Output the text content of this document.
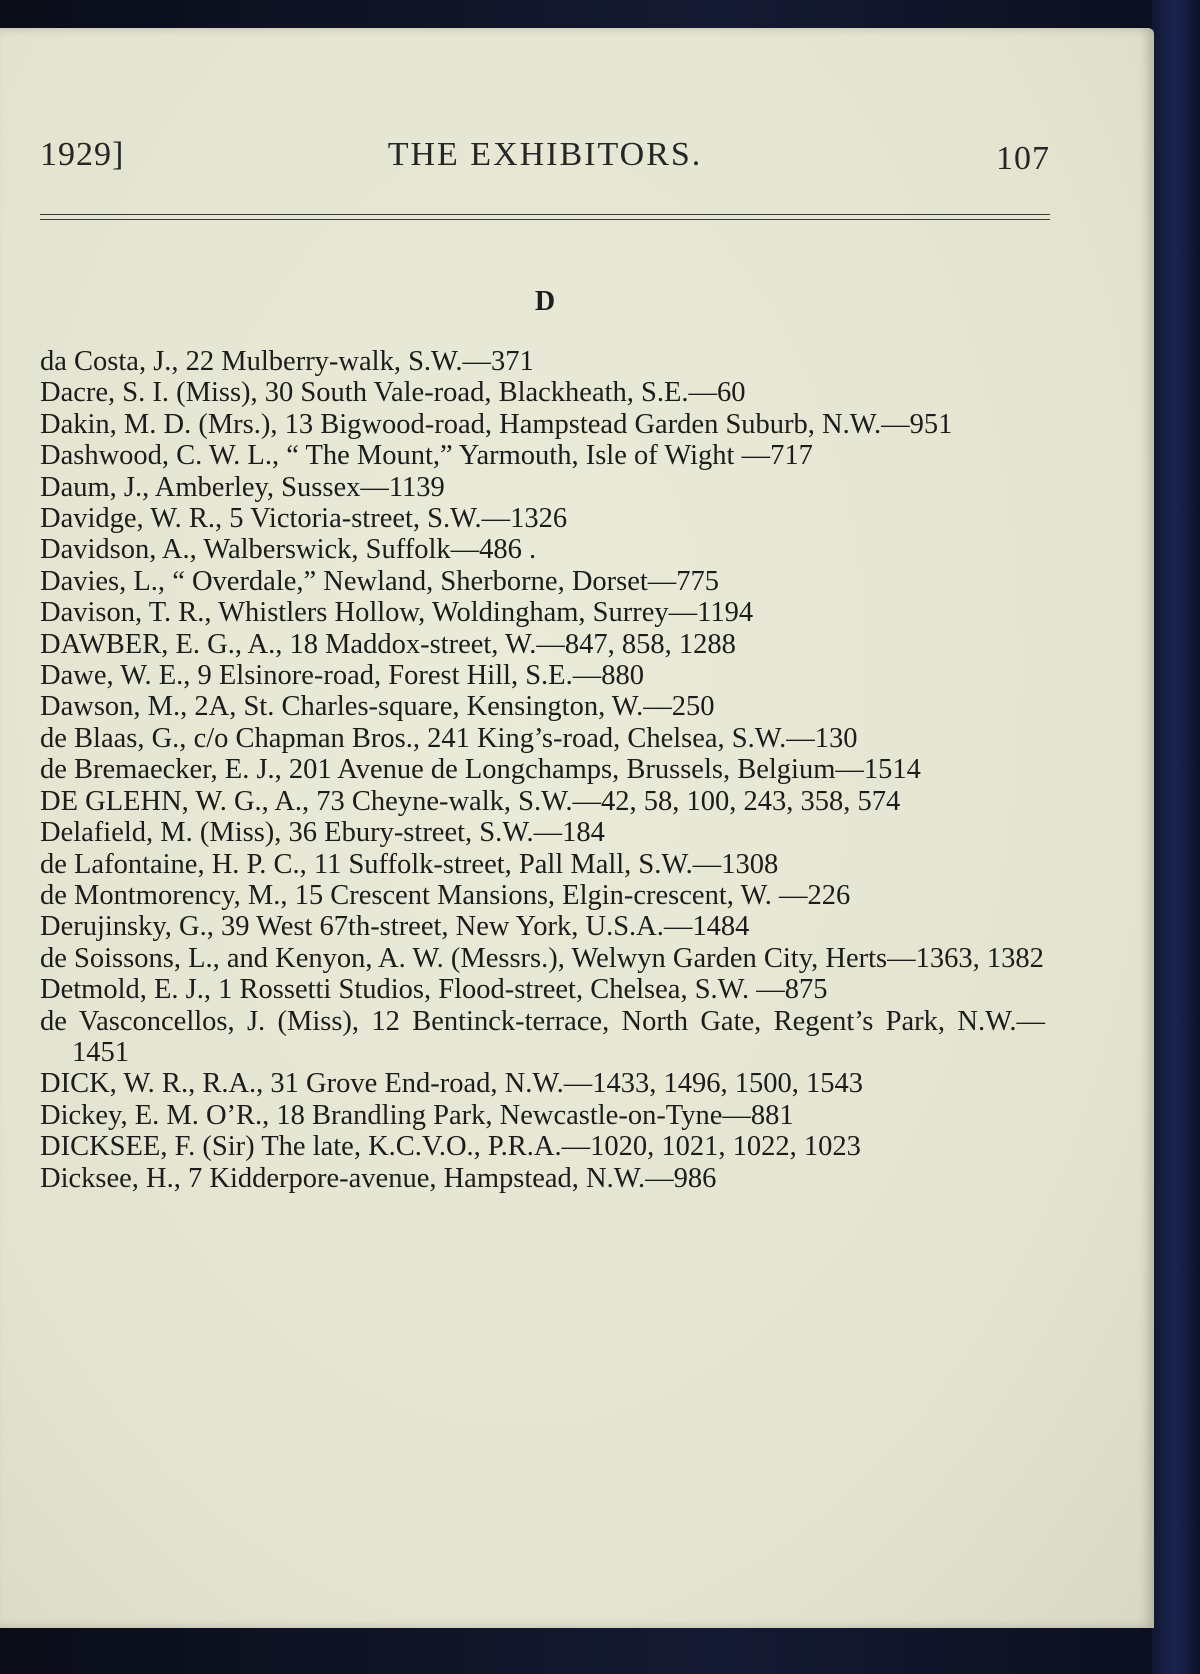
1929]	THE EXHIBITORS.	107
D
da Costa, J., 22 Mulberry-walk, S.W.—371
Dacre, S. I. (Miss), 30 South Vale-road, Blackheath, S.E.—60
Dakin, M. D. (Mrs.), 13 Bigwood-road, Hampstead Garden Suburb, N.W.—951
Dashwood, C. W. L., “ The Mount,” Yarmouth, Isle of Wight —717
Daum, J., Amberley, Sussex—1139
Davidge, W. R., 5 Victoria-street, S.W.—1326
Davidson, A., Walberswick, Suffolk—486 .
Davies, L., “ Overdale,” Newland, Sherborne, Dorset—775
Davison, T. R., Whistlers Hollow, Woldingham, Surrey—1194
DAWBER, E. G., A., 18 Maddox-street, W.—847, 858, 1288
Dawe, W. E., 9 Elsinore-road, Forest Hill, S.E.—880
Dawson, M., 2A, St. Charles-square, Kensington, W.—250
de Blaas, G., c/o Chapman Bros., 241 King’s-road, Chelsea, S.W.—130
de Bremaecker, E. J., 201 Avenue de Longchamps, Brussels, Belgium—1514
DE GLEHN, W. G., A., 73 Cheyne-walk, S.W.—42, 58, 100, 243, 358, 574
Delafield, M. (Miss), 36 Ebury-street, S.W.—184
de Lafontaine, H. P. C., 11 Suffolk-street, Pall Mall, S.W.—1308
de Montmorency, M., 15 Crescent Mansions, Elgin-crescent, W. —226
Derujinsky, G., 39 West 67th-street, New York, U.S.A.—1484
de Soissons, L., and Kenyon, A. W. (Messrs.), Welwyn Garden City, Herts—1363, 1382
Detmold, E. J., 1 Rossetti Studios, Flood-street, Chelsea, S.W. —875
de Vasconcellos, J. (Miss), 12 Bentinck-terrace, North Gate, Regent’s Park, N.W.—1451
DICK, W. R., R.A., 31 Grove End-road, N.W.—1433, 1496, 1500, 1543
Dickey, E. M. O’R., 18 Brandling Park, Newcastle-on-Tyne—881
DICKSEE, F. (Sir) The late, K.C.V.O., P.R.A.—1020, 1021, 1022, 1023
Dicksee, H., 7 Kidderpore-avenue, Hampstead, N.W.—986
